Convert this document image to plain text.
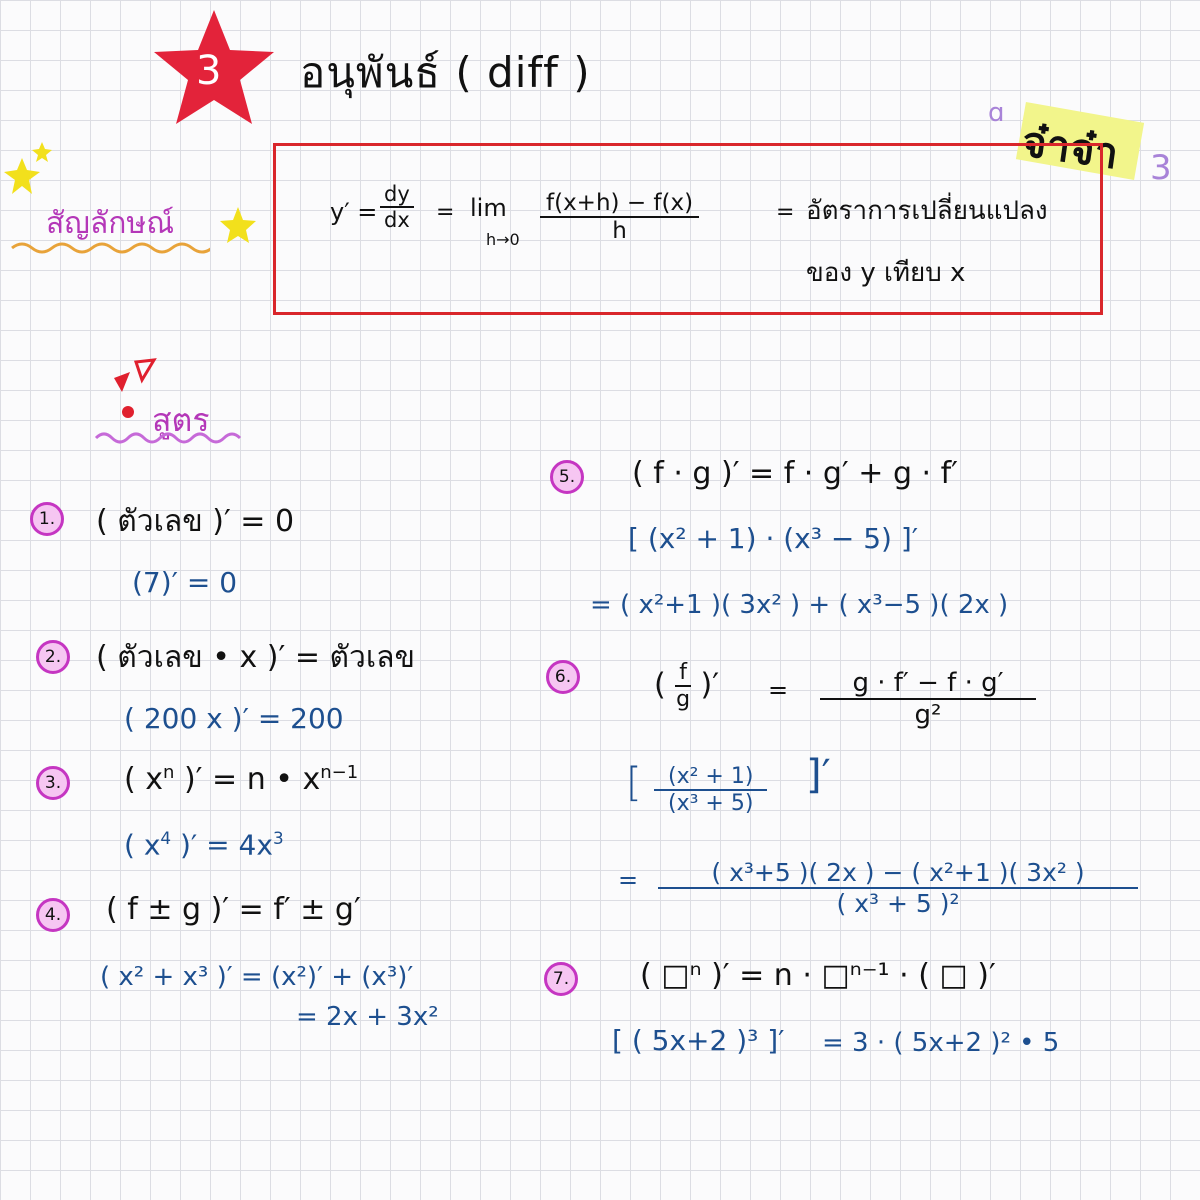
3 อนุพันธ์ ( diff )
จ๋าจ๋า
ɑ
3
สัญลักษณ์	$y' = \frac{dy}{dx} = \lim$
$h\to 0 \frac{f(x+h) - f(x)}{h}$	= อัตราการเปลี่ยนแปลง
ของ y เทียบ x
สูตร
1. ( ตัวเลข )′ = 0
(7)′ = 0
2. ( ตัวเลข • x )′ = ตัวเลข
( 200 x )′ = 200
3. ( $x^n$ )′ = n • $x^{n-1}$
( $x^4$ )′ = $4x^3$
4. ( f ± g )′ = f′ ± g′
( x² + x³ )′ = (x²)′ + (x³)′
= 2x + 3x²
5. ( f · g )′ = f · g′ + g · f′
[ (x² + 1) · (x³ − 5) ]′
= ( x²+1 )( 3x² ) + ( x³−5 )( 2x )
6.	( $\frac{f}{g}$ )′ = $\frac{g \cdot f' - f \cdot g'}{\text{g²}}$
[ $\frac{\text{(x² + 1)}}{\text{(x³ + 5)}}$ ]′
= $\frac{\text{( x³+5 )( 2x ) − ( x²+1 )( 3x² )}}{\text{( x³ + 5 )²}}$
7. ( □ⁿ )′ = n · □ⁿ⁻¹ · ( □ )′
[ ( 5x+2 )³ ]′ = 3 · ( 5x+2 )² • 5
